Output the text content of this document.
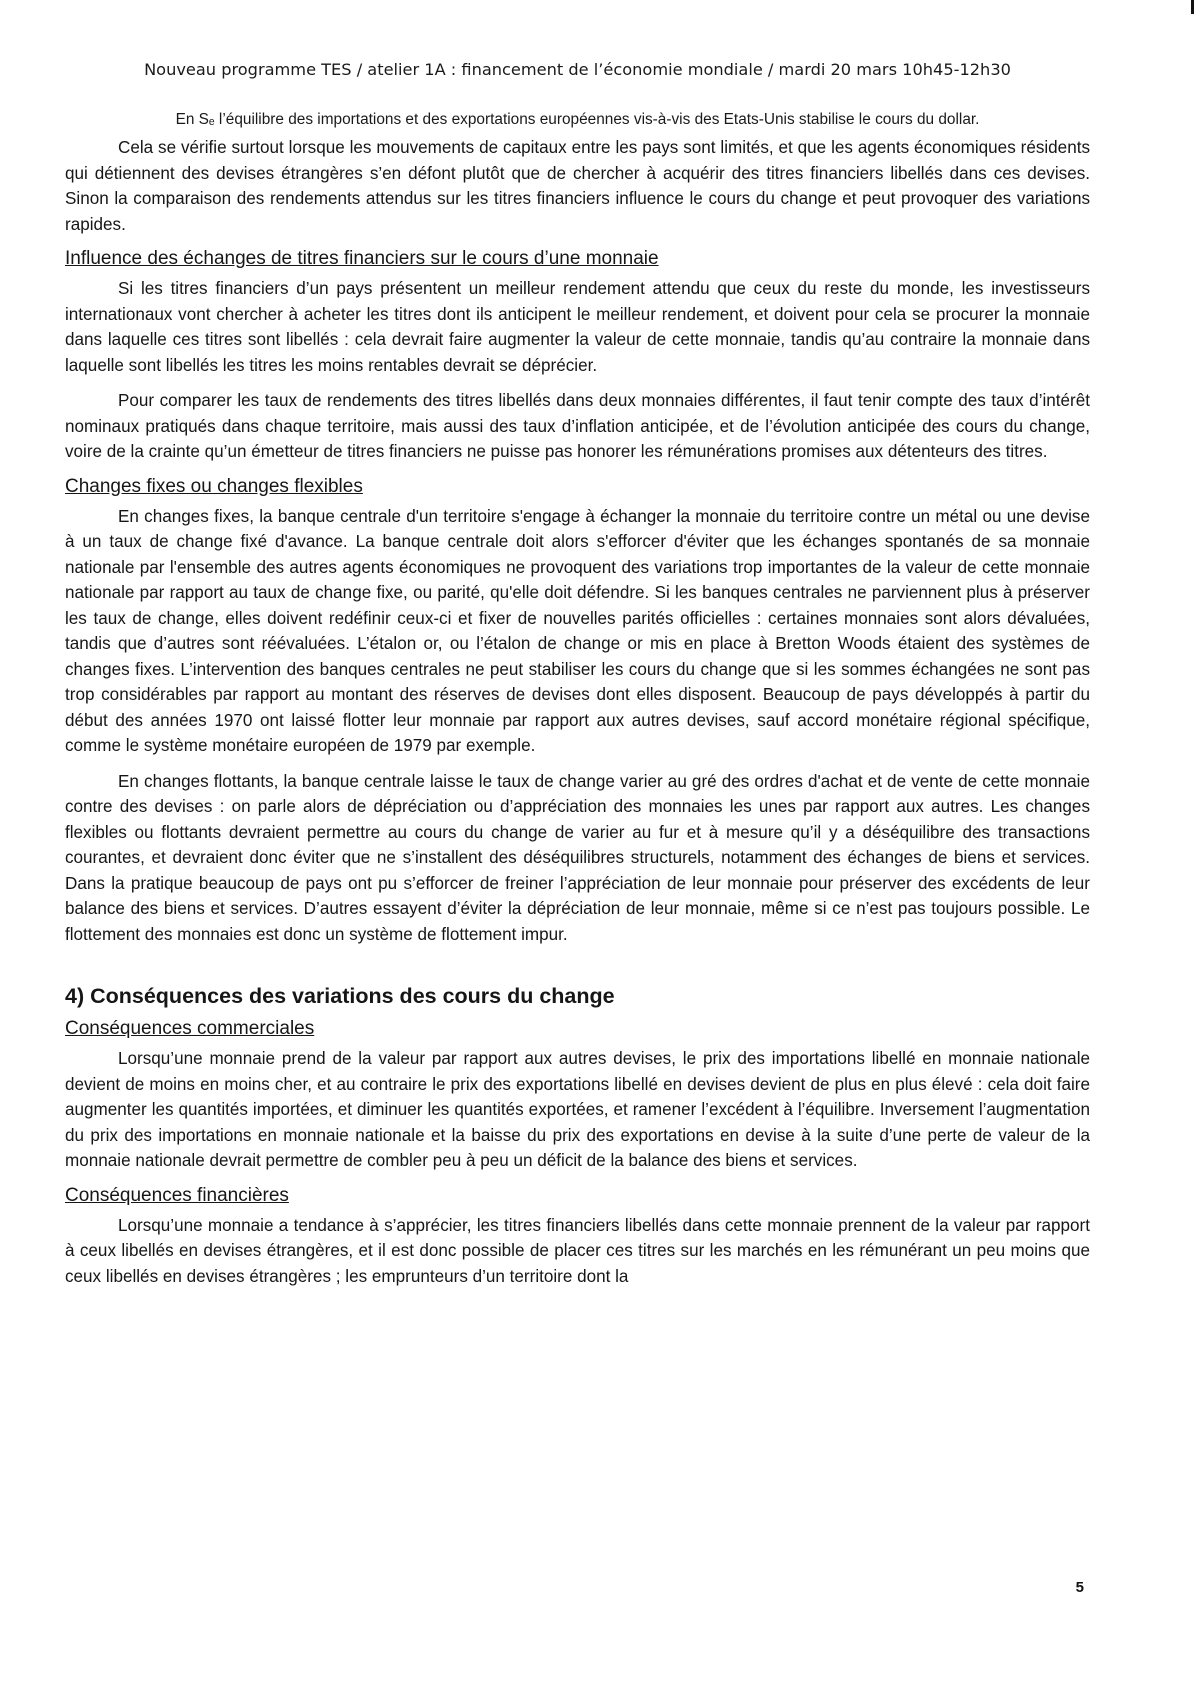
Nouveau programme TES / atelier 1A : financement de l’économie mondiale / mardi 20 mars 10h45-12h30
En Sₑ l’équilibre des importations et des exportations européennes vis-à-vis des Etats-Unis stabilise le cours du dollar.

Cela se vérifie surtout lorsque les mouvements de capitaux entre les pays sont limités, et que les agents économiques résidents qui détiennent des devises étrangères s’en défont plutôt que de chercher à acquérir des titres financiers libellés dans ces devises. Sinon la comparaison des rendements attendus sur les titres financiers influence le cours du change et peut provoquer des variations rapides.

Influence des échanges de titres financiers sur le cours d’une monnaie

Si les titres financiers d’un pays présentent un meilleur rendement attendu que ceux du reste du monde, les investisseurs internationaux vont chercher à acheter les titres dont ils anticipent le meilleur rendement, et doivent pour cela se procurer la monnaie dans laquelle ces titres sont libellés : cela devrait faire augmenter la valeur de cette monnaie, tandis qu’au contraire la monnaie dans laquelle sont libellés les titres les moins rentables devrait se déprécier.

Pour comparer les taux de rendements des titres libellés dans deux monnaies différentes, il faut tenir compte des taux d’intérêt nominaux pratiqués dans chaque territoire, mais aussi des taux d’inflation anticipée, et de l’évolution anticipée des cours du change, voire de la crainte qu’un émetteur de titres financiers ne puisse pas honorer les rémunérations promises aux détenteurs des titres.

Changes fixes ou changes flexibles

En changes fixes, la banque centrale d'un territoire s'engage à échanger la monnaie du territoire contre un métal ou une devise à un taux de change fixé d'avance. La banque centrale doit alors s'efforcer d'éviter que les échanges spontanés de sa monnaie nationale par l'ensemble des autres agents économiques ne provoquent des variations trop importantes de la valeur de cette monnaie nationale par rapport au taux de change fixe, ou parité, qu'elle doit défendre. Si les banques centrales ne parviennent plus à préserver les taux de change, elles doivent redéfinir ceux-ci et fixer de nouvelles parités officielles : certaines monnaies sont alors dévaluées, tandis que d’autres sont réévaluées. L’étalon or, ou l’étalon de change or mis en place à Bretton Woods étaient des systèmes de changes fixes. L’intervention des banques centrales ne peut stabiliser les cours du change que si les sommes échangées ne sont pas trop considérables par rapport au montant des réserves de devises dont elles disposent. Beaucoup de pays développés à partir du début des années 1970 ont laissé flotter leur monnaie par rapport aux autres devises, sauf accord monétaire régional spécifique, comme le système monétaire européen de 1979 par exemple.

En changes flottants, la banque centrale laisse le taux de change varier au gré des ordres d'achat et de vente de cette monnaie contre des devises : on parle alors de dépréciation ou d’appréciation des monnaies les unes par rapport aux autres. Les changes flexibles ou flottants devraient permettre au cours du change de varier au fur et à mesure qu’il y a déséquilibre des transactions courantes, et devraient donc éviter que ne s’installent des déséquilibres structurels, notamment des échanges de biens et services. Dans la pratique beaucoup de pays ont pu s’efforcer de freiner l’appréciation de leur monnaie pour préserver des excédents de leur balance des biens et services. D’autres essayent d’éviter la dépréciation de leur monnaie, même si ce n’est pas toujours possible. Le flottement des monnaies est donc un système de flottement impur.

4) Conséquences des variations des cours du change
Conséquences commerciales

Lorsqu’une monnaie prend de la valeur par rapport aux autres devises, le prix des importations libellé en monnaie nationale devient de moins en moins cher, et au contraire le prix des exportations libellé en devises devient de plus en plus élevé : cela doit faire augmenter les quantités importées, et diminuer les quantités exportées, et ramener l’excédent à l’équilibre. Inversement l’augmentation du prix des importations en monnaie nationale et la baisse du prix des exportations en devise à la suite d’une perte de valeur de la monnaie nationale devrait permettre de combler peu à peu un déficit de la balance des biens et services.

Conséquences financières

Lorsqu’une monnaie a tendance à s’apprécier, les titres financiers libellés dans cette monnaie prennent de la valeur par rapport à ceux libellés en devises étrangères, et il est donc possible de placer ces titres sur les marchés en les rémunérant un peu moins que ceux libellés en devises étrangères ; les emprunteurs d’un territoire dont la

5
